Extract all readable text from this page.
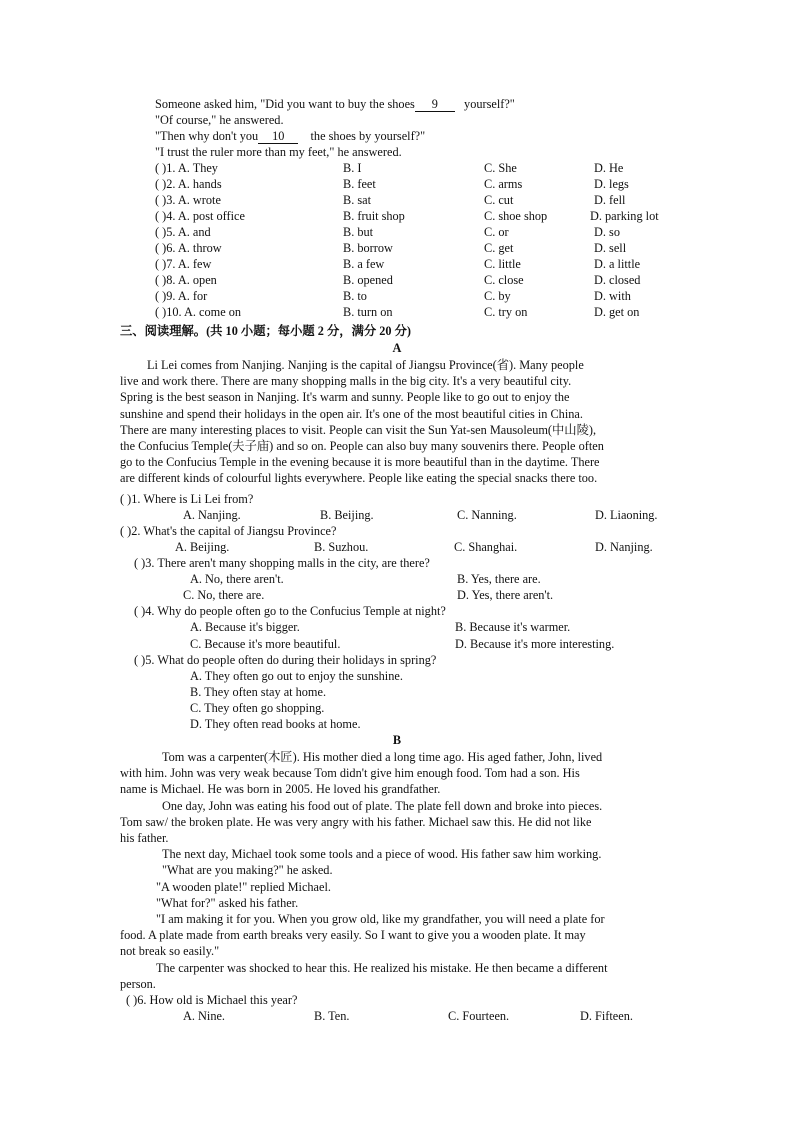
Someone asked him, "Did you want to buy the shoes 9 yourself?"
"Of course," he answered.
"Then why don't you 10 the shoes by yourself?"
"I trust the ruler more than my feet," he answered.
( )1. A. They	B. I	C. She	D. He
( )2. A. hands	B. feet	C. arms	D. legs
( )3. A. wrote	B. sat	C. cut	D. fell
( )4. A. post office	B. fruit shop	C. shoe shop	D. parking lot
( )5. A. and	B. but	C. or	D. so
( )6. A. throw	B. borrow	C. get	D. sell
( )7. A. few	B. a few	C. little	D. a little
( )8. A. open	B. opened	C. close	D. closed
( )9. A. for	B. to	C. by	D. with
( )10. A. come on	B. turn on	C. try on	D. get on
三、阅读理解。(共 10 小题；每小题 2 分，满分 20 分)
A
Li Lei comes from Nanjing. Nanjing is the capital of Jiangsu Province(省). Many people
live and work there. There are many shopping malls in the big city. It's a very beautiful city.
Spring is the best season in Nanjing. It's warm and sunny. People like to go out to enjoy the
sunshine and spend their holidays in the open air. It's one of the most beautiful cities in China.
There are many interesting places to visit. People can visit the Sun Yat-sen Mausoleum(中山陵),
the Confucius Temple(夫子庙) and so on. People can also buy many souvenirs there. People often
go to the Confucius Temple in the evening because it is more beautiful than in the daytime. There
are different kinds of colourful lights everywhere. People like eating the special snacks there too.
( )1. Where is Li Lei from?
A. Nanjing.	B. Beijing.	C. Nanning.	D. Liaoning.
( )2. What's the capital of Jiangsu Province?
A. Beijing.	B. Suzhou.	C. Shanghai.	D. Nanjing.
( )3. There aren't many shopping malls in the city, are there?
A. No, there aren't.	B. Yes, there are.
C. No, there are.	D. Yes, there aren't.
( )4. Why do people often go to the Confucius Temple at night?
A. Because it's bigger.	B. Because it's warmer.
C. Because it's more beautiful.	D. Because it's more interesting.
( )5. What do people often do during their holidays in spring?
A. They often go out to enjoy the sunshine.
B. They often stay at home.
C. They often go shopping.
D. They often read books at home.
B
Tom was a carpenter(木匠). His mother died a long time ago. His aged father, John, lived
with him. John was very weak because Tom didn't give him enough food. Tom had a son. His
name is Michael. He was born in 2005. He loved his grandfather.
One day, John was eating his food out of plate. The plate fell down and broke into pieces.
Tom saw/ the broken plate. He was very angry with his father. Michael saw this. He did not like
his father.
The next day, Michael took some tools and a piece of wood. His father saw him working.
"What are you making?" he asked.
"A wooden plate!" replied Michael.
"What for?" asked his father.
"I am making it for you. When you grow old, like my grandfather, you will need a plate for
food. A plate made from earth breaks very easily. So I want to give you a wooden plate. It may
not break so easily."
The carpenter was shocked to hear this. He realized his mistake. He then became a different
person.
( )6. How old is Michael this year?
A. Nine.	B. Ten.	C. Fourteen.	D. Fifteen.
